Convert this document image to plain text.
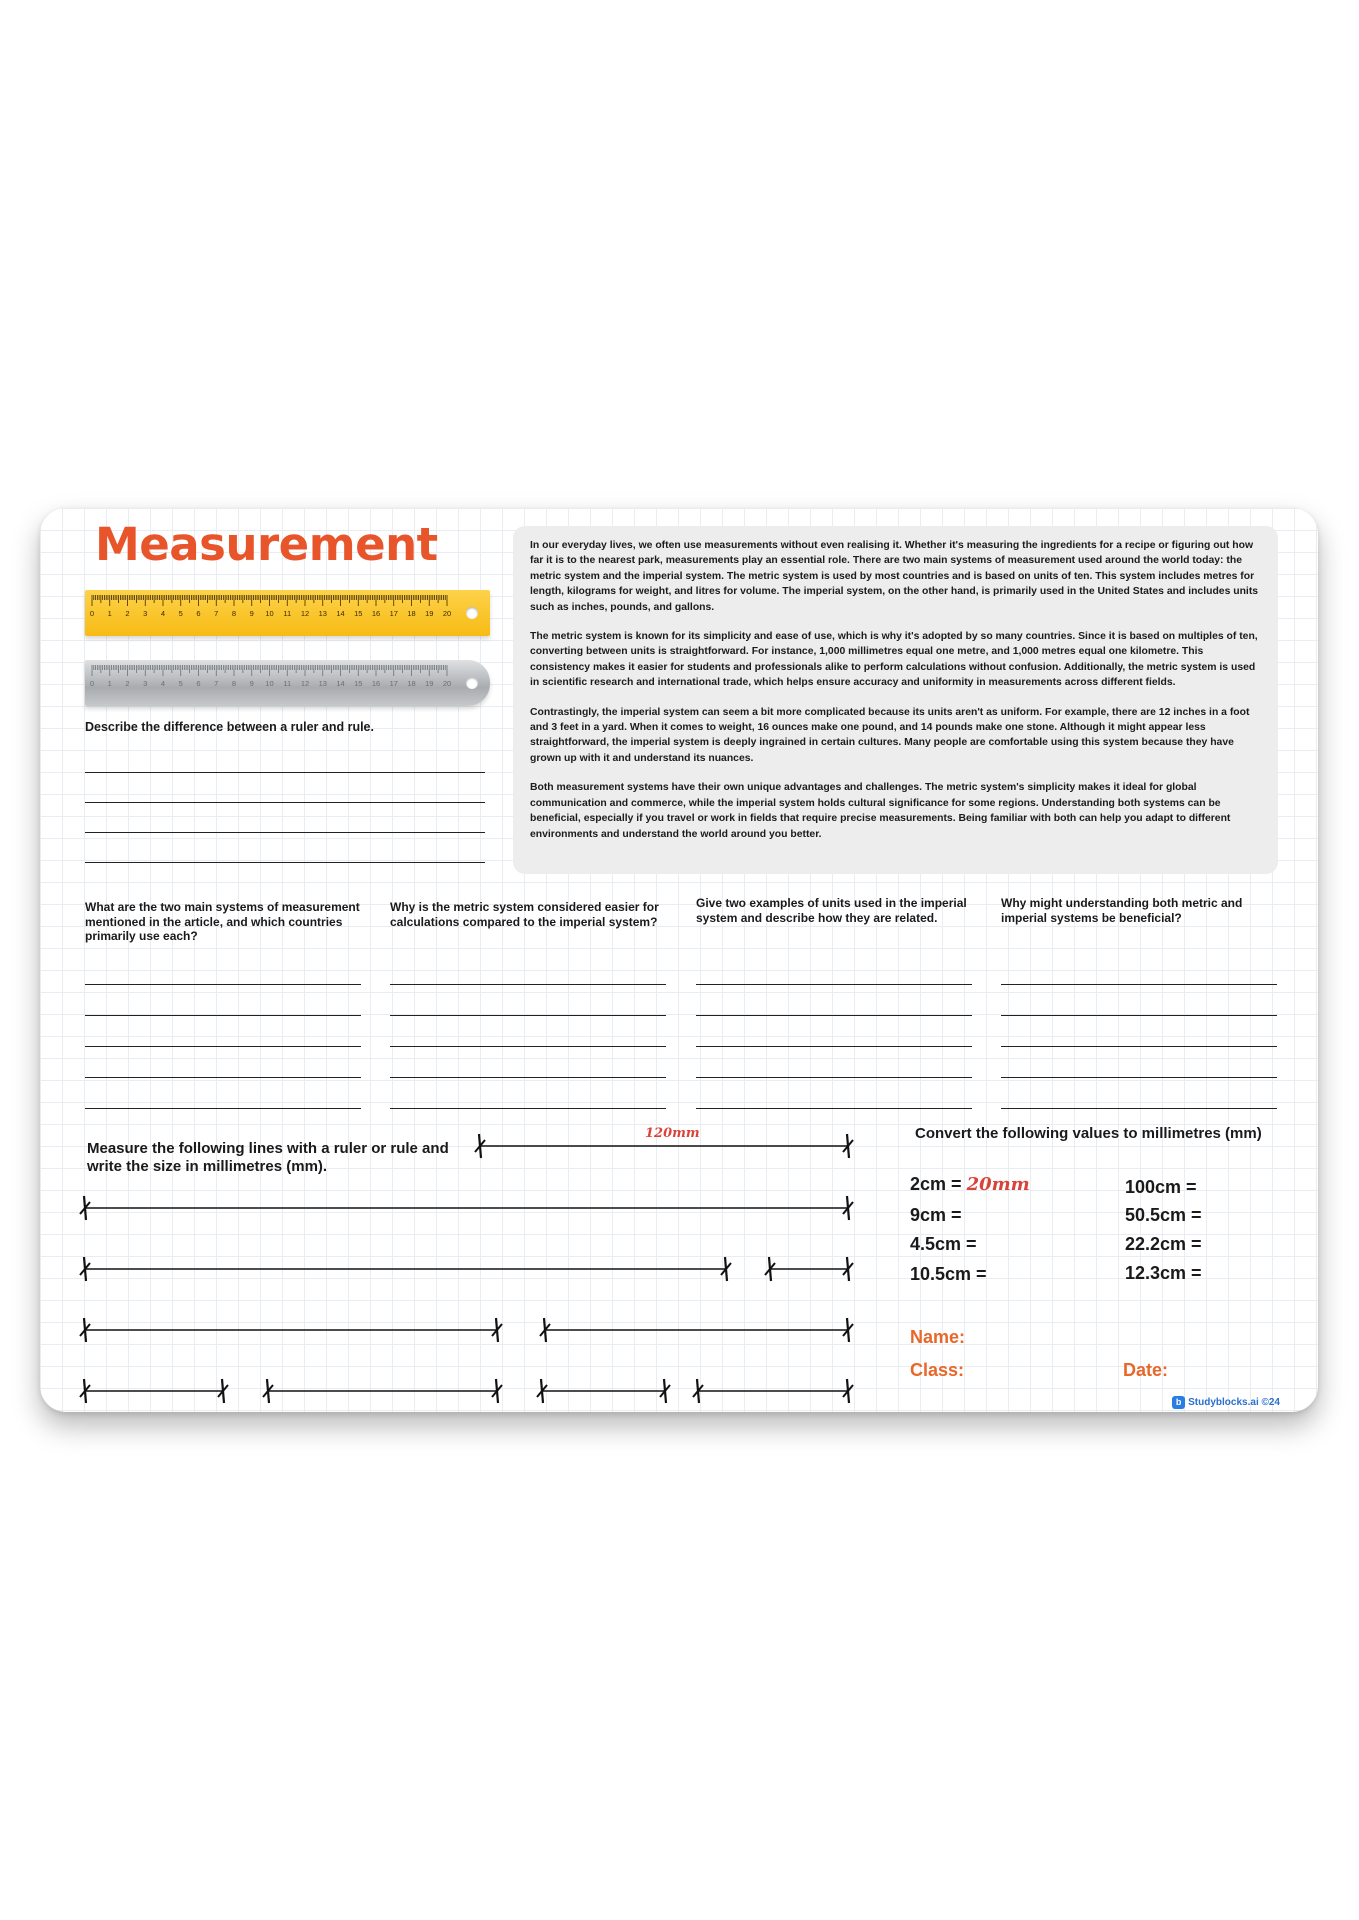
Measurement
0 1 2 3 4 5 6 7 8 9 10 11 12 13 14 15 16 17 18 19 20
0 1 2 3 4 5 6 7 8 9 10 11 12 13 14 15 16 17 18 19 20

Describe the difference between a ruler and rule.

In our everyday lives, we often use measurements without even realising it. Whether it's measuring the ingredients for a recipe or figuring out how far it is to the nearest park, measurements play an essential role. There are two main systems of measurement used around the world today: the metric system and the imperial system. The metric system is used by most countries and is based on units of ten. This system includes metres for length, kilograms for weight, and litres for volume. The imperial system, on the other hand, is primarily used in the United States and includes units such as inches, pounds, and gallons.

The metric system is known for its simplicity and ease of use, which is why it's adopted by so many countries. Since it is based on multiples of ten, converting between units is straightforward. For instance, 1,000 millimetres equal one metre, and 1,000 metres equal one kilometre. This consistency makes it easier for students and professionals alike to perform calculations without confusion. Additionally, the metric system is used in scientific research and international trade, which helps ensure accuracy and uniformity in measurements across different fields.

Contrastingly, the imperial system can seem a bit more complicated because its units aren't as uniform. For example, there are 12 inches in a foot and 3 feet in a yard. When it comes to weight, 16 ounces make one pound, and 14 pounds make one stone. Although it might appear less straightforward, the imperial system is deeply ingrained in certain cultures. Many people are comfortable using this system because they have grown up with it and understand its nuances.

Both measurement systems have their own unique advantages and challenges. The metric system's simplicity makes it ideal for global communication and commerce, while the imperial system holds cultural significance for some regions. Understanding both systems can be beneficial, especially if you travel or work in fields that require precise measurements. Being familiar with both can help you adapt to different environments and understand the world around you better.

What are the two main systems of measurement mentioned in the article, and which countries primarily use each?

Why is the metric system considered easier for calculations compared to the imperial system?

Give two examples of units used in the imperial system and describe how they are related.

Why might understanding both metric and imperial systems be beneficial?

Measure the following lines with a ruler or rule and write the size in millimetres (mm).

120mm	Convert the following values to millimetres (mm)

2cm = 20mm

9cm =

4.5cm =

10.5cm =

100cm =

50.5cm =

22.2cm =

12.3cm =

Name:

Class:	Date:

b Studyblocks.ai ©24
